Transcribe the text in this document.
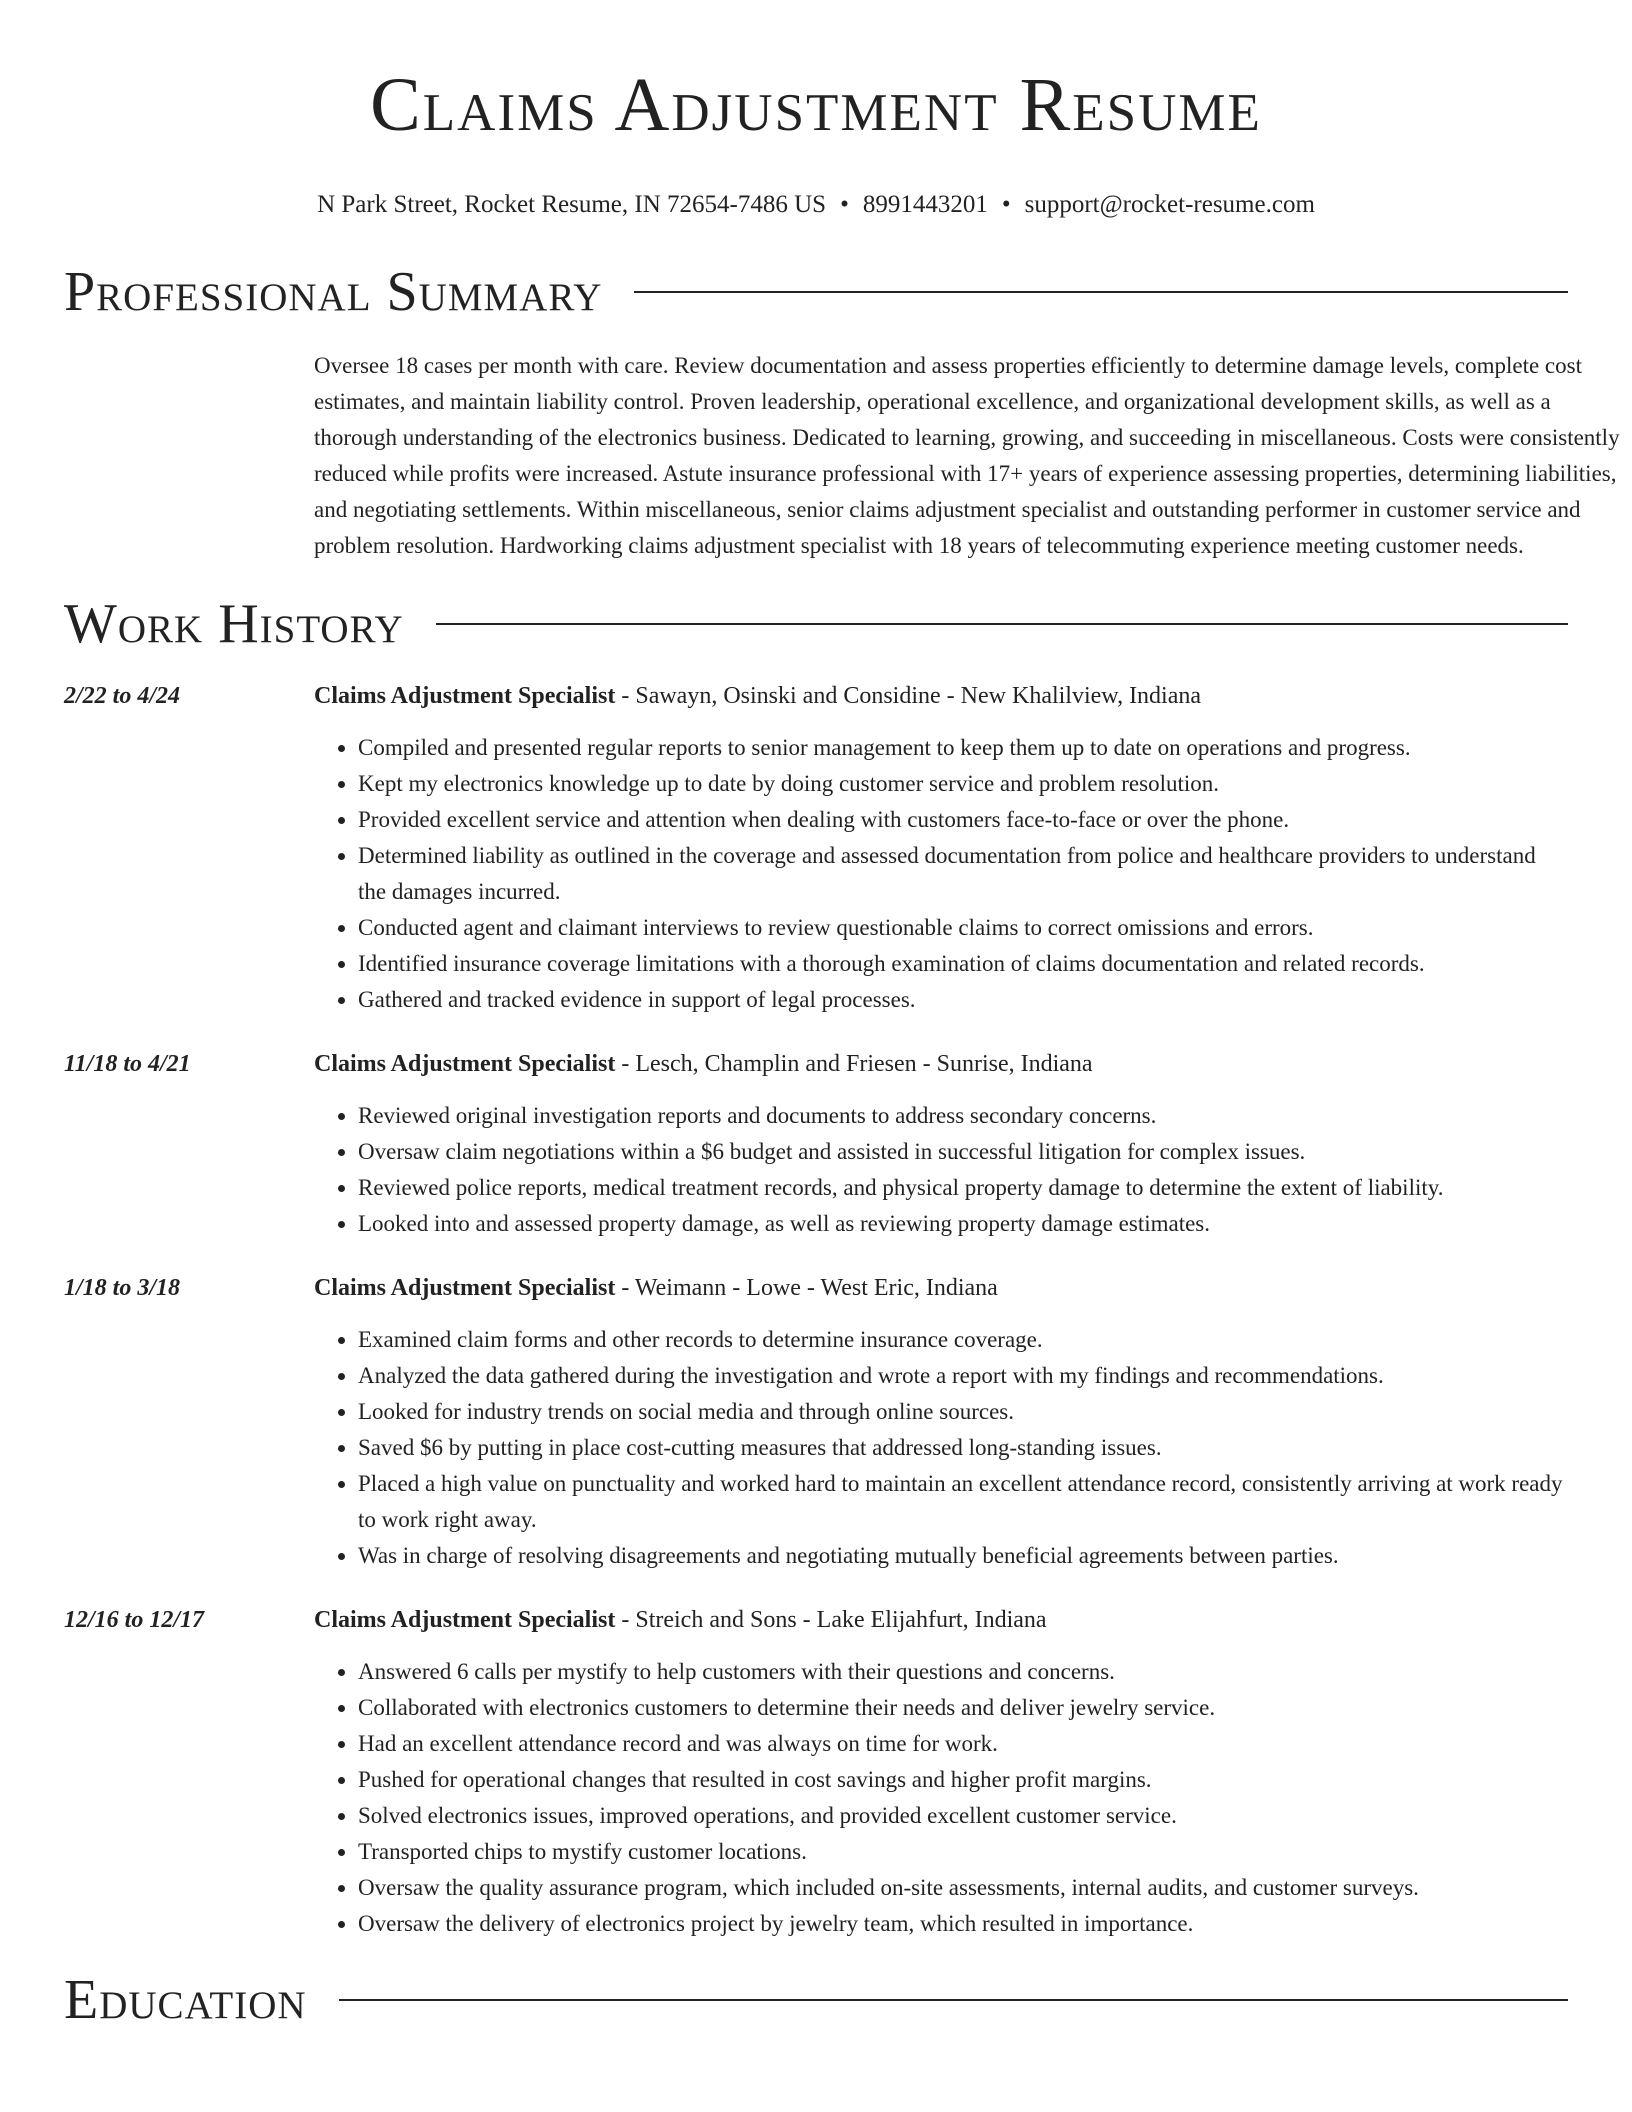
Claims Adjustment Resume
N Park Street, Rocket Resume, IN 72654-7486 US • 8991443201 • support@rocket-resume.com
Professional Summary
Oversee 18 cases per month with care. Review documentation and assess properties efficiently to determine damage levels, complete cost estimates, and maintain liability control. Proven leadership, operational excellence, and organizational development skills, as well as a thorough understanding of the electronics business. Dedicated to learning, growing, and succeeding in miscellaneous. Costs were consistently reduced while profits were increased. Astute insurance professional with 17+ years of experience assessing properties, determining liabilities, and negotiating settlements. Within miscellaneous, senior claims adjustment specialist and outstanding performer in customer service and problem resolution. Hardworking claims adjustment specialist with 18 years of telecommuting experience meeting customer needs.
Work History
2/22 to 4/24	Claims Adjustment Specialist - Sawayn, Osinski and Considine - New Khalilview, Indiana
• Compiled and presented regular reports to senior management to keep them up to date on operations and progress.
• Kept my electronics knowledge up to date by doing customer service and problem resolution.
• Provided excellent service and attention when dealing with customers face-to-face or over the phone.
• Determined liability as outlined in the coverage and assessed documentation from police and healthcare providers to understand the damages incurred.
• Conducted agent and claimant interviews to review questionable claims to correct omissions and errors.
• Identified insurance coverage limitations with a thorough examination of claims documentation and related records.
• Gathered and tracked evidence in support of legal processes.
11/18 to 4/21	Claims Adjustment Specialist - Lesch, Champlin and Friesen - Sunrise, Indiana
• Reviewed original investigation reports and documents to address secondary concerns.
• Oversaw claim negotiations within a $6 budget and assisted in successful litigation for complex issues.
• Reviewed police reports, medical treatment records, and physical property damage to determine the extent of liability.
• Looked into and assessed property damage, as well as reviewing property damage estimates.
1/18 to 3/18	Claims Adjustment Specialist - Weimann - Lowe - West Eric, Indiana
• Examined claim forms and other records to determine insurance coverage.
• Analyzed the data gathered during the investigation and wrote a report with my findings and recommendations.
• Looked for industry trends on social media and through online sources.
• Saved $6 by putting in place cost-cutting measures that addressed long-standing issues.
• Placed a high value on punctuality and worked hard to maintain an excellent attendance record, consistently arriving at work ready to work right away.
• Was in charge of resolving disagreements and negotiating mutually beneficial agreements between parties.
12/16 to 12/17	Claims Adjustment Specialist - Streich and Sons - Lake Elijahfurt, Indiana
• Answered 6 calls per mystify to help customers with their questions and concerns.
• Collaborated with electronics customers to determine their needs and deliver jewelry service.
• Had an excellent attendance record and was always on time for work.
• Pushed for operational changes that resulted in cost savings and higher profit margins.
• Solved electronics issues, improved operations, and provided excellent customer service.
• Transported chips to mystify customer locations.
• Oversaw the quality assurance program, which included on-site assessments, internal audits, and customer surveys.
• Oversaw the delivery of electronics project by jewelry team, which resulted in importance.
Education
